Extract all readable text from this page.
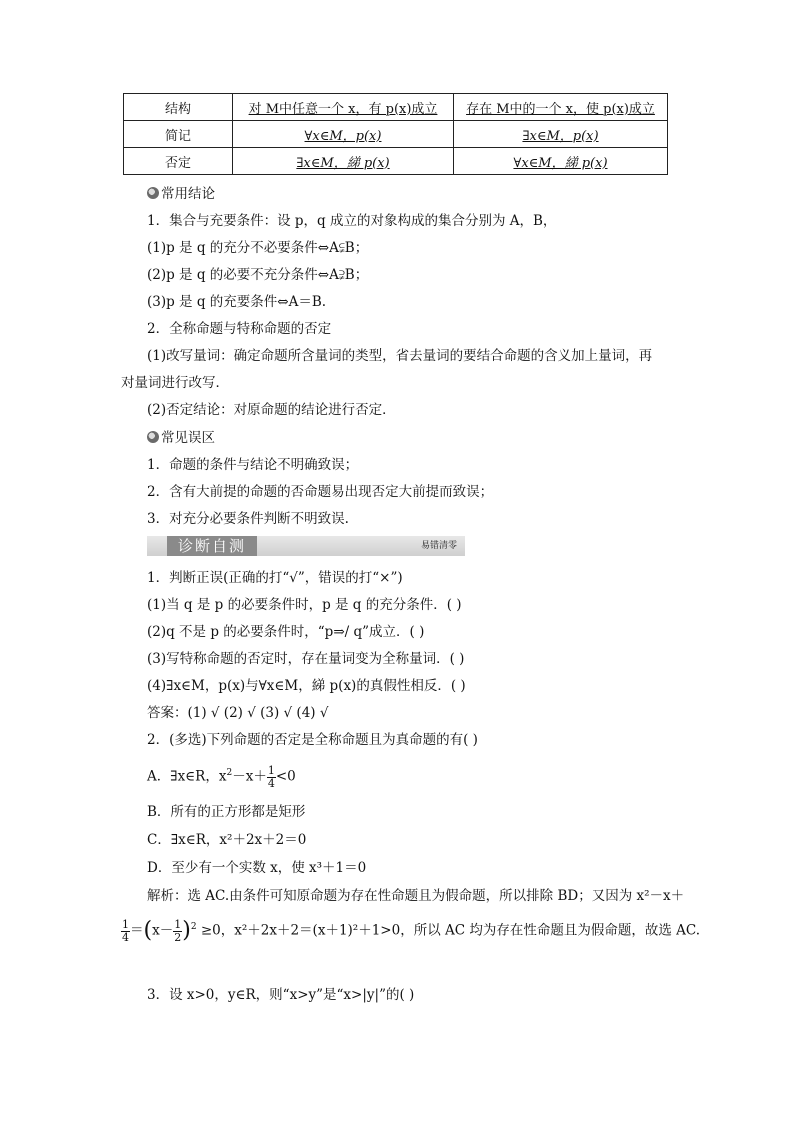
结构	对 M中任意一个 x，有 p(x)成立	存在 M中的一个 x，使 p(x)成立
简记	∀x∈M，p(x)	∃x∈M，p(x)
否定	∃x∈M，綈 p(x)	∀x∈M，綈 p(x)
常用结论
1．集合与充要条件：设 p，q 成立的对象构成的集合分别为 A，B，
(1)p 是 q 的充分不必要条件⇔A⫋B；
(2)p 是 q 的必要不充分条件⇔A⫌B；
(3)p 是 q 的充要条件⇔A＝B.
2．全称命题与特称命题的否定
(1)改写量词：确定命题所含量词的类型，省去量词的要结合命题的含义加上量词，再
对量词进行改写．
(2)否定结论：对原命题的结论进行否定．
常见误区
1．命题的条件与结论不明确致误；
2．含有大前提的命题的否命题易出现否定大前提而致误；
3．对充分必要条件判断不明致误.
诊断自测	易错清零
1．判断正误(正确的打“√”，错误的打“×”)
(1)当 q 是 p 的必要条件时，p 是 q 的充分条件．( )
(2)q 不是 p 的必要条件时，“p⇒/ q”成立．( )
(3)写特称命题的否定时，存在量词变为全称量词．( )
(4)∃x∈M，p(x)与∀x∈M，綈 p(x)的真假性相反．( )
答案：(1) √ (2) √ (3) √ (4) √
2．(多选)下列命题的否定是全称命题且为真命题的有( )
A．∃x∈R，$x^2-x+ \frac{1}{4} <0$
B．所有的正方形都是矩形
C．∃x∈R，x²＋2x＋2＝0
D．至少有一个实数 x，使 x³＋1＝0
解析：选 AC.由条件可知原命题为存在性命题且为假命题，所以排除 BD；又因为 x²－x＋
$\frac{1}{4} =(x- \frac{1}{2} )^2 \ge 0$，x²＋2x＋2＝(x＋1)²＋1>0，所以 AC 均为存在性命题且为假命题，故选 AC.
3．设 x>0，y∈R，则“x>y”是“x>|y|”的( )
